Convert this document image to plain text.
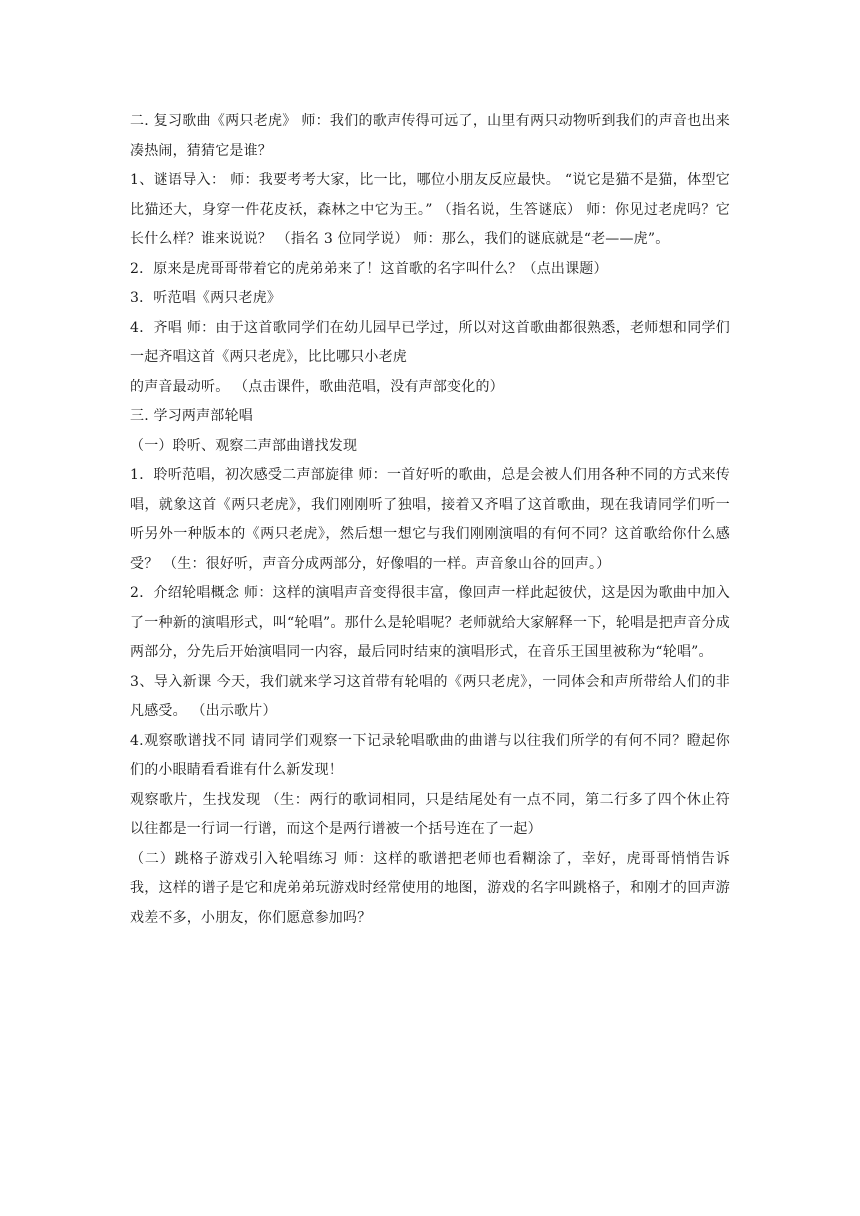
二. 复习歌曲《两只老虎》 师：我们的歌声传得可远了，山里有两只动物听到我们的声音也出来凑热闹，猜猜它是谁？

1、谜语导入： 师：我要考考大家，比一比，哪位小朋友反应最快。 “说它是猫不是猫，体型它比猫还大，身穿一件花皮袄，森林之中它为王。” （指名说，生答谜底） 师：你见过老虎吗？它长什么样？谁来说说？ （指名 3 位同学说） 师：那么，我们的谜底就是“老——虎”。

2．原来是虎哥哥带着它的虎弟弟来了！这首歌的名字叫什么？（点出课题）

3．听范唱《两只老虎》

4．齐唱 师：由于这首歌同学们在幼儿园早已学过，所以对这首歌曲都很熟悉，老师想和同学们一起齐唱这首《两只老虎》，比比哪只小老虎

的声音最动听。 （点击课件，歌曲范唱，没有声部变化的）

三. 学习两声部轮唱

（一）聆听、观察二声部曲谱找发现

1．聆听范唱，初次感受二声部旋律 师：一首好听的歌曲，总是会被人们用各种不同的方式来传唱，就象这首《两只老虎》，我们刚刚听了独唱，接着又齐唱了这首歌曲，现在我请同学们听一听另外一种版本的《两只老虎》，然后想一想它与我们刚刚演唱的有何不同？这首歌给你什么感受？ （生：很好听，声音分成两部分，好像唱的一样。声音象山谷的回声。）

2．介绍轮唱概念 师：这样的演唱声音变得很丰富，像回声一样此起彼伏，这是因为歌曲中加入了一种新的演唱形式，叫“轮唱”。那什么是轮唱呢？老师就给大家解释一下，轮唱是把声音分成两部分，分先后开始演唱同一内容，最后同时结束的演唱形式，在音乐王国里被称为“轮唱”。

3、导入新课 今天，我们就来学习这首带有轮唱的《两只老虎》，一同体会和声所带给人们的非凡感受。 （出示歌片）

4.观察歌谱找不同 请同学们观察一下记录轮唱歌曲的曲谱与以往我们所学的有何不同？瞪起你们的小眼睛看看谁有什么新发现！

观察歌片，生找发现 （生：两行的歌词相同，只是结尾处有一点不同，第二行多了四个休止符 以往都是一行词一行谱，而这个是两行谱被一个括号连在了一起）

（二）跳格子游戏引入轮唱练习 师：这样的歌谱把老师也看糊涂了，幸好，虎哥哥悄悄告诉我，这样的谱子是它和虎弟弟玩游戏时经常使用的地图，游戏的名字叫跳格子，和刚才的回声游戏差不多，小朋友，你们愿意参加吗？
